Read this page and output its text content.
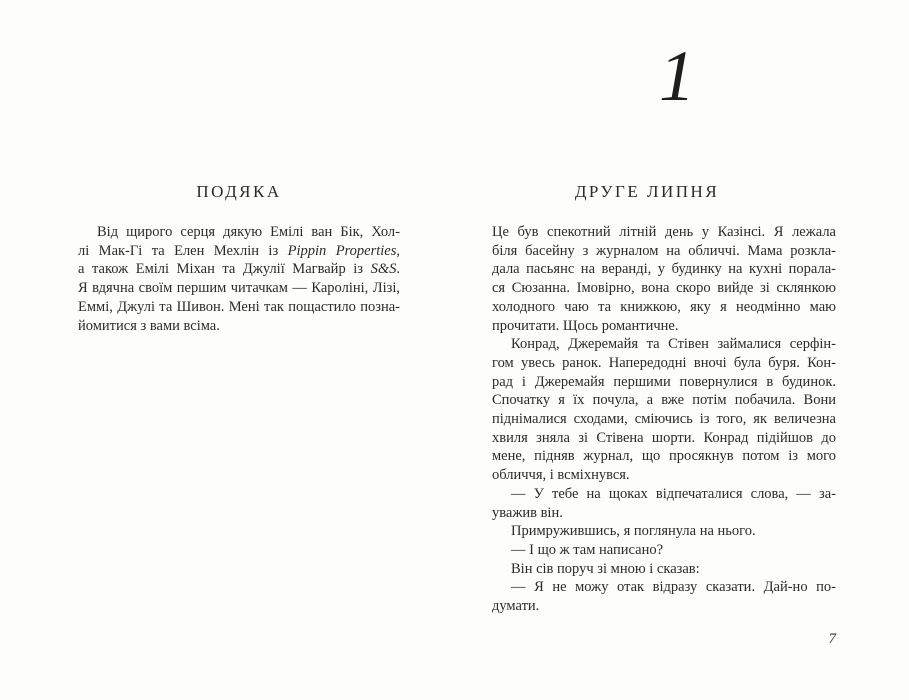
ПОДЯКА
Від щирого серця дякую Емілі ван Бік, Хол-
лі Мак-Гі та Елен Мехлін із Pippin Properties,
а також Емілі Міхан та Джулії Магвайр із S&S.
Я вдячна своїм першим читачкам — Кароліні, Лізі,
Еммі, Джулі та Шивон. Мені так пощастило позна-
йомитися з вами всіма.
1
ДРУГЕ ЛИПНЯ
Це був спекотний літній день у Казінсі. Я лежала
біля басейну з журналом на обличчі. Мама розкла-
дала пасьянс на веранді, у будинку на кухні порала-
ся Сюзанна. Імовірно, вона скоро вийде зі склянкою
холодного чаю та книжкою, яку я неодмінно маю
прочитати. Щось романтичне.
Конрад, Джеремайя та Стівен займалися серфін-
гом увесь ранок. Напередодні вночі була буря. Кон-
рад і Джеремайя першими повернулися в будинок.
Спочатку я їх почула, а вже потім побачила. Вони
піднімалися сходами, сміючись із того, як величезна
хвиля зняла зі Стівена шорти. Конрад підійшов до
мене, підняв журнал, що просякнув потом із мого
обличчя, і всміхнувся.
— У тебе на щоках відпечаталися слова, — за-
уважив він.
Примружившись, я поглянула на нього.
— І що ж там написано?
Він сів поруч зі мною і сказав:
— Я не можу отак відразу сказати. Дай-но по-
думати.
7
